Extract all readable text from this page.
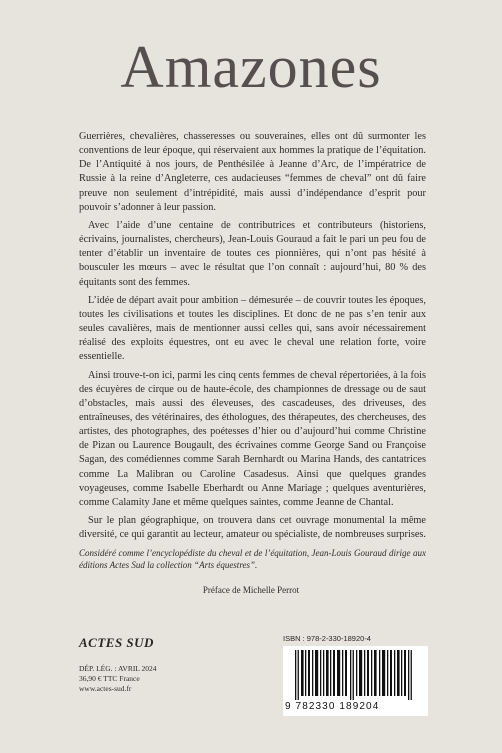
Amazones

Guerrières, chevalières, chasseresses ou souveraines, elles ont dû surmonter les conventions de leur époque, qui réservaient aux hommes la pratique de l’équitation. De l’Antiquité à nos jours, de Penthésilée à Jeanne d’Arc, de l’impératrice de Russie à la reine d’Angleterre, ces audacieuses “femmes de cheval” ont dû faire preuve non seulement d’intrépidité, mais aussi d’indépendance d’esprit pour pouvoir s’adonner à leur passion.

Avec l’aide d’une centaine de contributrices et contributeurs (historiens, écrivains, journalistes, chercheurs), Jean-Louis Gouraud a fait le pari un peu fou de tenter d’établir un inventaire de toutes ces pionnières, qui n’ont pas hésité à bousculer les mœurs – avec le résultat que l’on connaît : aujourd’hui, 80 % des équitants sont des femmes.

L’idée de départ avait pour ambition – démesurée – de couvrir toutes les époques, toutes les civilisations et toutes les disciplines. Et donc de ne pas s’en tenir aux seules cavalières, mais de mentionner aussi celles qui, sans avoir nécessairement réalisé des exploits équestres, ont eu avec le cheval une relation forte, voire essentielle.

Ainsi trouve-t-on ici, parmi les cinq cents femmes de cheval répertoriées, à la fois des écuyères de cirque ou de haute-école, des championnes de dressage ou de saut d’obstacles, mais aussi des éleveuses, des cascadeuses, des driveuses, des entraîneuses, des vétérinaires, des éthologues, des thérapeutes, des chercheuses, des artistes, des photographes, des poétesses d’hier ou d’aujourd’hui comme Christine de Pizan ou Laurence Bougault, des écrivaines comme George Sand ou Françoise Sagan, des comédiennes comme Sarah Bernhardt ou Marina Hands, des cantatrices comme La Malibran ou Caroline Casadesus. Ainsi que quelques grandes voyageuses, comme Isabelle Eberhardt ou Anne Mariage ; quelques aventurières, comme Calamity Jane et même quelques saintes, comme Jeanne de Chantal.

Sur le plan géographique, on trouvera dans cet ouvrage monumental la même diversité, ce qui garantit au lecteur, amateur ou spécialiste, de nombreuses surprises.

Considéré comme l’encyclopédiste du cheval et de l’équitation, Jean-Louis Gouraud dirige aux éditions Actes Sud la collection “Arts équestres”.
Préface de Michelle Perrot
ACTES SUD
DÉP. LÉG. : AVRIL 2024
36,90 € TTC France
www.actes-sud.fr
ISBN : 978-2-330-18920-4
9 782330 189204
